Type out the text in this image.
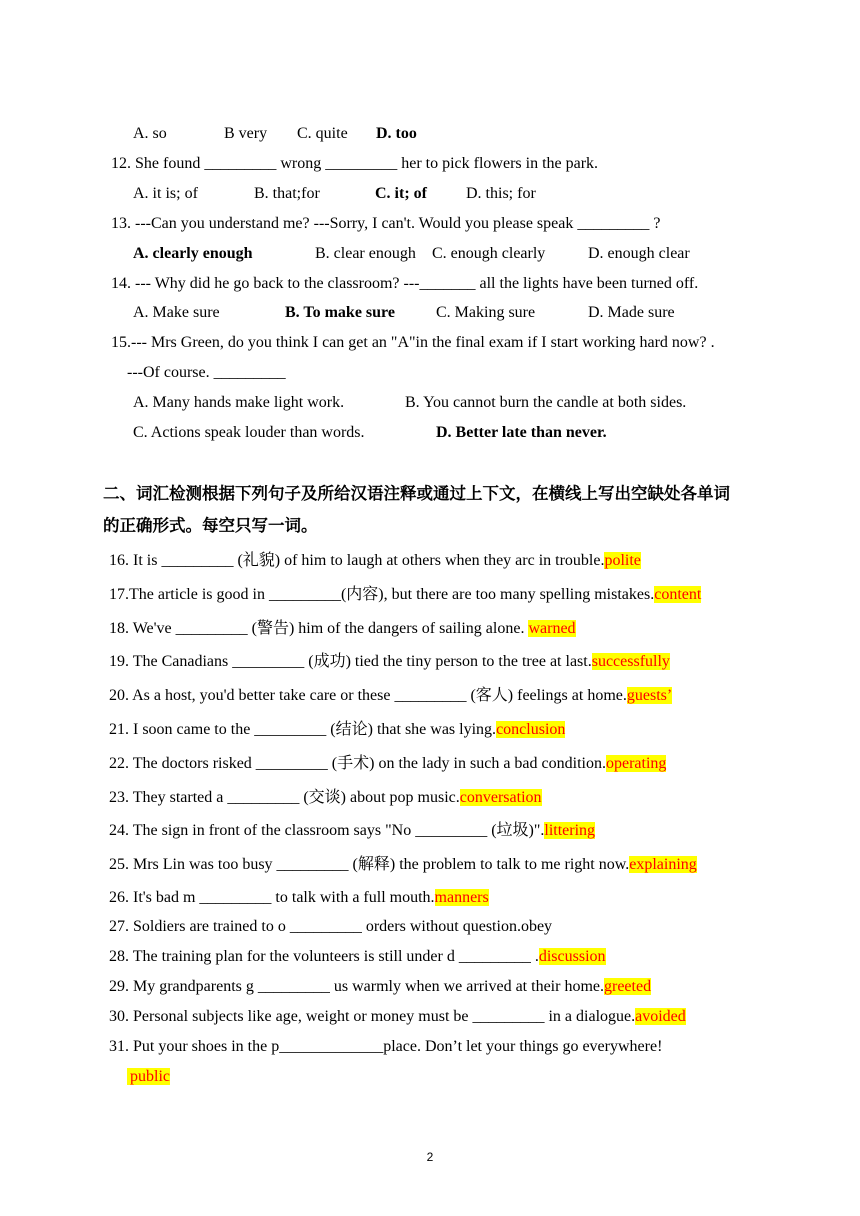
A. so	B very	C. quite	D. too
12. She found _________ wrong _________ her to pick flowers in the park.
A. it is; of	B. that;for	C. it; of	D. this; for
13. ---Can you understand me? ---Sorry, I can't. Would you please speak _________ ?
A. clearly enough	B. clear enough	C. enough clearly	D. enough clear
14. --- Why did he go back to the classroom? ---_______ all the lights have been turned off.
A. Make sure	B. To make sure	C. Making sure	D. Made sure
15.--- Mrs Green, do you think I can get an "A"in the final exam if I start working hard now? .
---Of course. _________
A. Many hands make light work.	B. You cannot burn the candle at both sides.
C. Actions speak louder than words.	D. Better late than never.
二、词汇检测根据下列句子及所给汉语注释或通过上下文，在横线上写出空缺处各单词
的正确形式。每空只写一词。
16. It is _________ (礼貌) of him to laugh at others when they arc in trouble.polite
17.The article is good in _________(内容), but there are too many spelling mistakes.content
18. We've _________ (警告) him of the dangers of sailing alone. warned
19. The Canadians _________ (成功) tied the tiny person to the tree at last.successfully
20. As a host, you'd better take care or these _________ (客人) feelings at home.guests’
21. I soon came to the _________ (结论) that she was lying.conclusion
22. The doctors risked _________ (手术) on the lady in such a bad condition.operating
23. They started a _________ (交谈) about pop music.conversation
24. The sign in front of the classroom says "No _________ (垃圾)".littering
25. Mrs Lin was too busy _________ (解释) the problem to talk to me right now.explaining
26. It's bad m _________ to talk with a full mouth.manners
27. Soldiers are trained to o _________ orders without question.obey
28. The training plan for the volunteers is still under d _________ .discussion
29. My grandparents g _________ us warmly when we arrived at their home.greeted
30. Personal subjects like age, weight or money must be _________ in a dialogue.avoided
31. Put your shoes in the p_____________place. Don’t let your things go everywhere!
public
2
